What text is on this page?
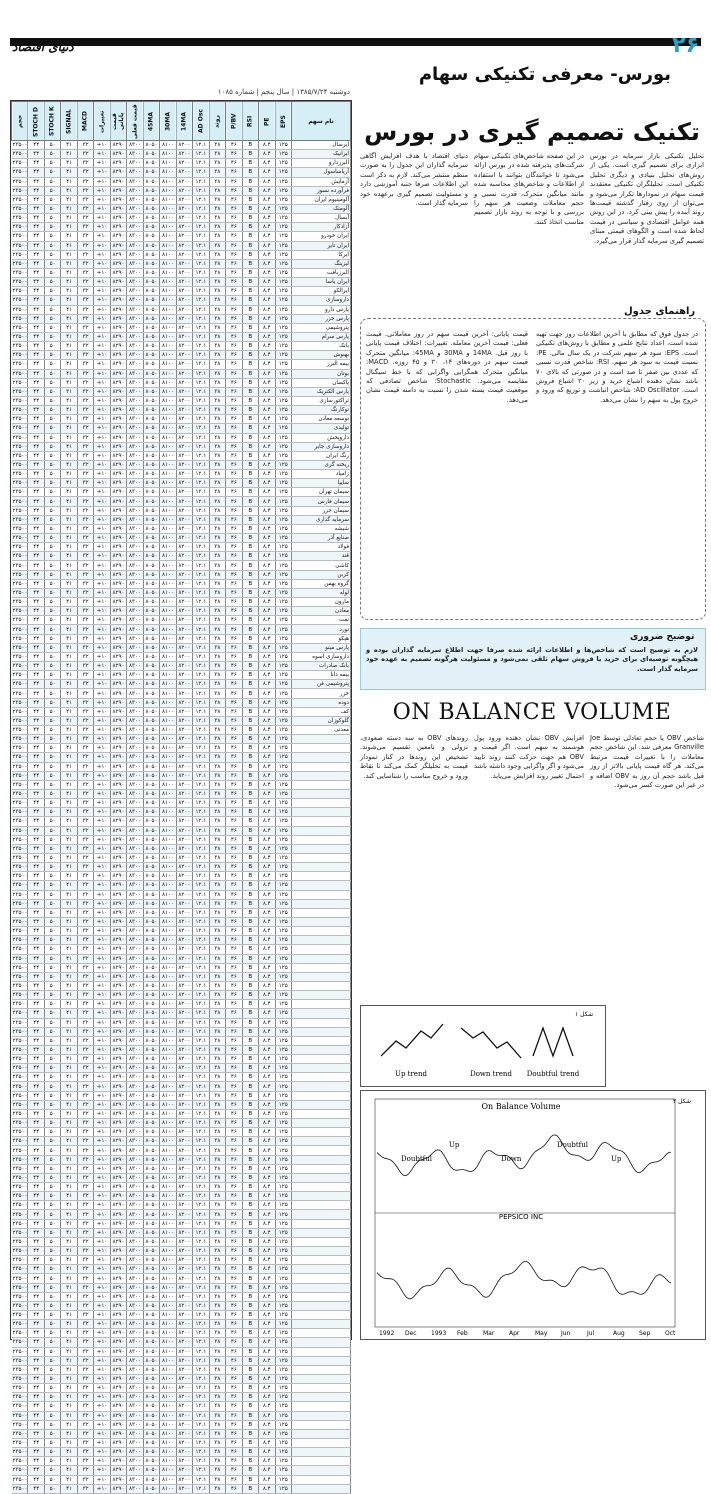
۲۶
دنیای اقتصاد
بورس- معرفی تکنیکی سهام
دوشنبه ۱۳۸۵/۷/۲۴ | سال پنجم | شماره ۱۰۸۵
حجم	STOCH D	STOCH K	SIGNAL	MACD	تغییرات	قیمت پایانی	قیمت فعلی	45MA	30MA	14MA	AD Osc	روند	P/BV	RSI	PE	EPS	نام سهم
۲۳۵۰۰	۴۴	۵۰	۴۱	۳۲	+۱۰	۸۲۹۰	۸۳۰۰	۸۰۵۰	۸۱۰۰	۸۲۰۰	۱۲.۱	۳۸	۴۶	B	۸.۴	۱۲۵	ایرسال
۲۳۵۰۰	۴۴	۵۰	۴۱	۳۲	+۱۰	۸۲۹۰	۸۳۰۰	۸۰۵۰	۸۱۰۰	۸۲۰۰	۱۲.۱	۳۸	۴۶	B	۸.۴	۱۲۵	ایرانیک
۲۳۵۰۰	۴۴	۵۰	۴۱	۳۲	+۱۰	۸۲۹۰	۸۳۰۰	۸۰۵۰	۸۱۰۰	۸۲۰۰	۱۲.۱	۳۸	۴۶	B	۸.۴	۱۲۵	البرزدارو
۲۳۵۰۰	۴۴	۵۰	۴۱	۳۲	+۱۰	۸۲۹۰	۸۳۰۰	۸۰۵۰	۸۱۰۰	۸۲۰۰	۱۲.۱	۳۸	۴۶	B	۸.۴	۱۲۵	آریاساسول
۲۳۵۰۰	۴۴	۵۰	۴۱	۳۲	+۱۰	۸۲۹۰	۸۳۰۰	۸۰۵۰	۸۱۰۰	۸۲۰۰	۱۲.۱	۳۸	۴۶	B	۸.۴	۱۲۵	آزمایش
۲۳۵۰۰	۴۴	۵۰	۴۱	۳۲	+۱۰	۸۲۹۰	۸۳۰۰	۸۰۵۰	۸۱۰۰	۸۲۰۰	۱۲.۱	۳۸	۴۶	B	۸.۴	۱۲۵	فرآورده نسوز
۲۳۵۰۰	۴۴	۵۰	۴۱	۳۲	+۱۰	۸۲۹۰	۸۳۰۰	۸۰۵۰	۸۱۰۰	۸۲۰۰	۱۲.۱	۳۸	۴۶	B	۸.۴	۱۲۵	آلومینیوم ایران
۲۳۵۰۰	۴۴	۵۰	۴۱	۳۲	+۱۰	۸۲۹۰	۸۳۰۰	۸۰۵۰	۸۱۰۰	۸۲۰۰	۱۲.۱	۳۸	۴۶	B	۸.۴	۱۲۵	آلومتک
۲۳۵۰۰	۴۴	۵۰	۴۱	۳۲	+۱۰	۸۲۹۰	۸۳۰۰	۸۰۵۰	۸۱۰۰	۸۲۰۰	۱۲.۱	۳۸	۴۶	B	۸.۴	۱۲۵	آبسال
۲۳۵۰۰	۴۴	۵۰	۴۱	۳۲	+۱۰	۸۲۹۰	۸۳۰۰	۸۰۵۰	۸۱۰۰	۸۲۰۰	۱۲.۱	۳۸	۴۶	B	۸.۴	۱۲۵	آزادکار
۲۳۵۰۰	۴۴	۵۰	۴۱	۳۲	+۱۰	۸۲۹۰	۸۳۰۰	۸۰۵۰	۸۱۰۰	۸۲۰۰	۱۲.۱	۳۸	۴۶	B	۸.۴	۱۲۵	ایران خودرو
۲۳۵۰۰	۴۴	۵۰	۴۱	۳۲	+۱۰	۸۲۹۰	۸۳۰۰	۸۰۵۰	۸۱۰۰	۸۲۰۰	۱۲.۱	۳۸	۴۶	B	۸.۴	۱۲۵	ایران تایر
۲۳۵۰۰	۴۴	۵۰	۴۱	۳۲	+۱۰	۸۲۹۰	۸۳۰۰	۸۰۵۰	۸۱۰۰	۸۲۰۰	۱۲.۱	۳۸	۴۶	B	۸.۴	۱۲۵	ایرکا
۲۳۵۰۰	۴۴	۵۰	۴۱	۳۲	+۱۰	۸۲۹۰	۸۳۰۰	۸۰۵۰	۸۱۰۰	۸۲۰۰	۱۲.۱	۳۸	۴۶	B	۸.۴	۱۲۵	لیزینگ
۲۳۵۰۰	۴۴	۵۰	۴۱	۳۲	+۱۰	۸۲۹۰	۸۳۰۰	۸۰۵۰	۸۱۰۰	۸۲۰۰	۱۲.۱	۳۸	۴۶	B	۸.۴	۱۲۵	البرزبافت
۲۳۵۰۰	۴۴	۵۰	۴۱	۳۲	+۱۰	۸۲۹۰	۸۳۰۰	۸۰۵۰	۸۱۰۰	۸۲۰۰	۱۲.۱	۳۸	۴۶	B	۸.۴	۱۲۵	ایران یاسا
۲۳۵۰۰	۴۴	۵۰	۴۱	۳۲	+۱۰	۸۲۹۰	۸۳۰۰	۸۰۵۰	۸۱۰۰	۸۲۰۰	۱۲.۱	۳۸	۴۶	B	۸.۴	۱۲۵	ایرالکو
۲۳۵۰۰	۴۴	۵۰	۴۱	۳۲	+۱۰	۸۲۹۰	۸۳۰۰	۸۰۵۰	۸۱۰۰	۸۲۰۰	۱۲.۱	۳۸	۴۶	B	۸.۴	۱۲۵	داروسازی
۲۳۵۰۰	۴۴	۵۰	۴۱	۳۲	+۱۰	۸۲۹۰	۸۳۰۰	۸۰۵۰	۸۱۰۰	۸۲۰۰	۱۲.۱	۳۸	۴۶	B	۸.۴	۱۲۵	پارس دارو
۲۳۵۰۰	۴۴	۵۰	۴۱	۳۲	+۱۰	۸۲۹۰	۸۳۰۰	۸۰۵۰	۸۱۰۰	۸۲۰۰	۱۲.۱	۳۸	۴۶	B	۸.۴	۱۲۵	پارس خزر
۲۳۵۰۰	۴۴	۵۰	۴۱	۳۲	+۱۰	۸۲۹۰	۸۳۰۰	۸۰۵۰	۸۱۰۰	۸۲۰۰	۱۲.۱	۳۸	۴۶	B	۸.۴	۱۲۵	پتروشیمی
۲۳۵۰۰	۴۴	۵۰	۴۱	۳۲	+۱۰	۸۲۹۰	۸۳۰۰	۸۰۵۰	۸۱۰۰	۸۲۰۰	۱۲.۱	۳۸	۴۶	B	۸.۴	۱۲۵	پارس سرام
۲۳۵۰۰	۴۴	۵۰	۴۱	۳۲	+۱۰	۸۲۹۰	۸۳۰۰	۸۰۵۰	۸۱۰۰	۸۲۰۰	۱۲.۱	۳۸	۴۶	B	۸.۴	۱۲۵	بانک
۲۳۵۰۰	۴۴	۵۰	۴۱	۳۲	+۱۰	۸۲۹۰	۸۳۰۰	۸۰۵۰	۸۱۰۰	۸۲۰۰	۱۲.۱	۳۸	۴۶	B	۸.۴	۱۲۵	بهنوش
۲۳۵۰۰	۴۴	۵۰	۴۱	۳۲	+۱۰	۸۲۹۰	۸۳۰۰	۸۰۵۰	۸۱۰۰	۸۲۰۰	۱۲.۱	۳۸	۴۶	B	۸.۴	۱۲۵	بیمه البرز
۲۳۵۰۰	۴۴	۵۰	۴۱	۳۲	+۱۰	۸۲۹۰	۸۳۰۰	۸۰۵۰	۸۱۰۰	۸۲۰۰	۱۲.۱	۳۸	۴۶	B	۸.۴	۱۲۵	بوتان
۲۳۵۰۰	۴۴	۵۰	۴۱	۳۲	+۱۰	۸۲۹۰	۸۳۰۰	۸۰۵۰	۸۱۰۰	۸۲۰۰	۱۲.۱	۳۸	۴۶	B	۸.۴	۱۲۵	پاکسان
۲۳۵۰۰	۴۴	۵۰	۴۱	۳۲	+۱۰	۸۲۹۰	۸۳۰۰	۸۰۵۰	۸۱۰۰	۸۲۰۰	۱۲.۱	۳۸	۴۶	B	۸.۴	۱۲۵	پارس الکتریک
۲۳۵۰۰	۴۴	۵۰	۴۱	۳۲	+۱۰	۸۲۹۰	۸۳۰۰	۸۰۵۰	۸۱۰۰	۸۲۰۰	۱۲.۱	۳۸	۴۶	B	۸.۴	۱۲۵	تراکتورسازی
۲۳۵۰۰	۴۴	۵۰	۴۱	۳۲	+۱۰	۸۲۹۰	۸۳۰۰	۸۰۵۰	۸۱۰۰	۸۲۰۰	۱۲.۱	۳۸	۴۶	B	۸.۴	۱۲۵	توکارنگ
۲۳۵۰۰	۴۴	۵۰	۴۱	۳۲	+۱۰	۸۲۹۰	۸۳۰۰	۸۰۵۰	۸۱۰۰	۸۲۰۰	۱۲.۱	۳۸	۴۶	B	۸.۴	۱۲۵	توسعه معادن
۲۳۵۰۰	۴۴	۵۰	۴۱	۳۲	+۱۰	۸۲۹۰	۸۳۰۰	۸۰۵۰	۸۱۰۰	۸۲۰۰	۱۲.۱	۳۸	۴۶	B	۸.۴	۱۲۵	تولیدی
۲۳۵۰۰	۴۴	۵۰	۴۱	۳۲	+۱۰	۸۲۹۰	۸۳۰۰	۸۰۵۰	۸۱۰۰	۸۲۰۰	۱۲.۱	۳۸	۴۶	B	۸.۴	۱۲۵	داروپخش
۲۳۵۰۰	۴۴	۵۰	۴۱	۳۲	+۱۰	۸۲۹۰	۸۳۰۰	۸۰۵۰	۸۱۰۰	۸۲۰۰	۱۲.۱	۳۸	۴۶	B	۸.۴	۱۲۵	داروسازی جابر
۲۳۵۰۰	۴۴	۵۰	۴۱	۳۲	+۱۰	۸۲۹۰	۸۳۰۰	۸۰۵۰	۸۱۰۰	۸۲۰۰	۱۲.۱	۳۸	۴۶	B	۸.۴	۱۲۵	رنگ ایران
۲۳۵۰۰	۴۴	۵۰	۴۱	۳۲	+۱۰	۸۲۹۰	۸۳۰۰	۸۰۵۰	۸۱۰۰	۸۲۰۰	۱۲.۱	۳۸	۴۶	B	۸.۴	۱۲۵	ریخته گری
۲۳۵۰۰	۴۴	۵۰	۴۱	۳۲	+۱۰	۸۲۹۰	۸۳۰۰	۸۰۵۰	۸۱۰۰	۸۲۰۰	۱۲.۱	۳۸	۴۶	B	۸.۴	۱۲۵	زامیاد
۲۳۵۰۰	۴۴	۵۰	۴۱	۳۲	+۱۰	۸۲۹۰	۸۳۰۰	۸۰۵۰	۸۱۰۰	۸۲۰۰	۱۲.۱	۳۸	۴۶	B	۸.۴	۱۲۵	سایپا
۲۳۵۰۰	۴۴	۵۰	۴۱	۳۲	+۱۰	۸۲۹۰	۸۳۰۰	۸۰۵۰	۸۱۰۰	۸۲۰۰	۱۲.۱	۳۸	۴۶	B	۸.۴	۱۲۵	سیمان تهران
۲۳۵۰۰	۴۴	۵۰	۴۱	۳۲	+۱۰	۸۲۹۰	۸۳۰۰	۸۰۵۰	۸۱۰۰	۸۲۰۰	۱۲.۱	۳۸	۴۶	B	۸.۴	۱۲۵	سیمان فارس
۲۳۵۰۰	۴۴	۵۰	۴۱	۳۲	+۱۰	۸۲۹۰	۸۳۰۰	۸۰۵۰	۸۱۰۰	۸۲۰۰	۱۲.۱	۳۸	۴۶	B	۸.۴	۱۲۵	سیمان خزر
۲۳۵۰۰	۴۴	۵۰	۴۱	۳۲	+۱۰	۸۲۹۰	۸۳۰۰	۸۰۵۰	۸۱۰۰	۸۲۰۰	۱۲.۱	۳۸	۴۶	B	۸.۴	۱۲۵	سرمایه گذاری
۲۳۵۰۰	۴۴	۵۰	۴۱	۳۲	+۱۰	۸۲۹۰	۸۳۰۰	۸۰۵۰	۸۱۰۰	۸۲۰۰	۱۲.۱	۳۸	۴۶	B	۸.۴	۱۲۵	شیشه
۲۳۵۰۰	۴۴	۵۰	۴۱	۳۲	+۱۰	۸۲۹۰	۸۳۰۰	۸۰۵۰	۸۱۰۰	۸۲۰۰	۱۲.۱	۳۸	۴۶	B	۸.۴	۱۲۵	صنایع آذر
۲۳۵۰۰	۴۴	۵۰	۴۱	۳۲	+۱۰	۸۲۹۰	۸۳۰۰	۸۰۵۰	۸۱۰۰	۸۲۰۰	۱۲.۱	۳۸	۴۶	B	۸.۴	۱۲۵	فولاد
۲۳۵۰۰	۴۴	۵۰	۴۱	۳۲	+۱۰	۸۲۹۰	۸۳۰۰	۸۰۵۰	۸۱۰۰	۸۲۰۰	۱۲.۱	۳۸	۴۶	B	۸.۴	۱۲۵	قند
۲۳۵۰۰	۴۴	۵۰	۴۱	۳۲	+۱۰	۸۲۹۰	۸۳۰۰	۸۰۵۰	۸۱۰۰	۸۲۰۰	۱۲.۱	۳۸	۴۶	B	۸.۴	۱۲۵	کاشی
۲۳۵۰۰	۴۴	۵۰	۴۱	۳۲	+۱۰	۸۲۹۰	۸۳۰۰	۸۰۵۰	۸۱۰۰	۸۲۰۰	۱۲.۱	۳۸	۴۶	B	۸.۴	۱۲۵	کربن
۲۳۵۰۰	۴۴	۵۰	۴۱	۳۲	+۱۰	۸۲۹۰	۸۳۰۰	۸۰۵۰	۸۱۰۰	۸۲۰۰	۱۲.۱	۳۸	۴۶	B	۸.۴	۱۲۵	گروه بهمن
۲۳۵۰۰	۴۴	۵۰	۴۱	۳۲	+۱۰	۸۲۹۰	۸۳۰۰	۸۰۵۰	۸۱۰۰	۸۲۰۰	۱۲.۱	۳۸	۴۶	B	۸.۴	۱۲۵	لوله
۲۳۵۰۰	۴۴	۵۰	۴۱	۳۲	+۱۰	۸۲۹۰	۸۳۰۰	۸۰۵۰	۸۱۰۰	۸۲۰۰	۱۲.۱	۳۸	۴۶	B	۸.۴	۱۲۵	مارون
۲۳۵۰۰	۴۴	۵۰	۴۱	۳۲	+۱۰	۸۲۹۰	۸۳۰۰	۸۰۵۰	۸۱۰۰	۸۲۰۰	۱۲.۱	۳۸	۴۶	B	۸.۴	۱۲۵	معادن
۲۳۵۰۰	۴۴	۵۰	۴۱	۳۲	+۱۰	۸۲۹۰	۸۳۰۰	۸۰۵۰	۸۱۰۰	۸۲۰۰	۱۲.۱	۳۸	۴۶	B	۸.۴	۱۲۵	نفت
۲۳۵۰۰	۴۴	۵۰	۴۱	۳۲	+۱۰	۸۲۹۰	۸۳۰۰	۸۰۵۰	۸۱۰۰	۸۲۰۰	۱۲.۱	۳۸	۴۶	B	۸.۴	۱۲۵	نورد
۲۳۵۰۰	۴۴	۵۰	۴۱	۳۲	+۱۰	۸۲۹۰	۸۳۰۰	۸۰۵۰	۸۱۰۰	۸۲۰۰	۱۲.۱	۳۸	۴۶	B	۸.۴	۱۲۵	هپکو
۲۳۵۰۰	۴۴	۵۰	۴۱	۳۲	+۱۰	۸۲۹۰	۸۳۰۰	۸۰۵۰	۸۱۰۰	۸۲۰۰	۱۲.۱	۳۸	۴۶	B	۸.۴	۱۲۵	پارس مینو
۲۳۵۰۰	۴۴	۵۰	۴۱	۳۲	+۱۰	۸۲۹۰	۸۳۰۰	۸۰۵۰	۸۱۰۰	۸۲۰۰	۱۲.۱	۳۸	۴۶	B	۸.۴	۱۲۵	داروسازی اسوه
۲۳۵۰۰	۴۴	۵۰	۴۱	۳۲	+۱۰	۸۲۹۰	۸۳۰۰	۸۰۵۰	۸۱۰۰	۸۲۰۰	۱۲.۱	۳۸	۴۶	B	۸.۴	۱۲۵	بانک صادرات
۲۳۵۰۰	۴۴	۵۰	۴۱	۳۲	+۱۰	۸۲۹۰	۸۳۰۰	۸۰۵۰	۸۱۰۰	۸۲۰۰	۱۲.۱	۳۸	۴۶	B	۸.۴	۱۲۵	بیمه دانا
۲۳۵۰۰	۴۴	۵۰	۴۱	۳۲	+۱۰	۸۲۹۰	۸۳۰۰	۸۰۵۰	۸۱۰۰	۸۲۰۰	۱۲.۱	۳۸	۴۶	B	۸.۴	۱۲۵	پتروشیمی فن
۲۳۵۰۰	۴۴	۵۰	۴۱	۳۲	+۱۰	۸۲۹۰	۸۳۰۰	۸۰۵۰	۸۱۰۰	۸۲۰۰	۱۲.۱	۳۸	۴۶	B	۸.۴	۱۲۵	خزر
۲۳۵۰۰	۴۴	۵۰	۴۱	۳۲	+۱۰	۸۲۹۰	۸۳۰۰	۸۰۵۰	۸۱۰۰	۸۲۰۰	۱۲.۱	۳۸	۴۶	B	۸.۴	۱۲۵	دوده
۲۳۵۰۰	۴۴	۵۰	۴۱	۳۲	+۱۰	۸۲۹۰	۸۳۰۰	۸۰۵۰	۸۱۰۰	۸۲۰۰	۱۲.۱	۳۸	۴۶	B	۸.۴	۱۲۵	کف
۲۳۵۰۰	۴۴	۵۰	۴۱	۳۲	+۱۰	۸۲۹۰	۸۳۰۰	۸۰۵۰	۸۱۰۰	۸۲۰۰	۱۲.۱	۳۸	۴۶	B	۸.۴	۱۲۵	گلوکوزان
۲۳۵۰۰	۴۴	۵۰	۴۱	۳۲	+۱۰	۸۲۹۰	۸۳۰۰	۸۰۵۰	۸۱۰۰	۸۲۰۰	۱۲.۱	۳۸	۴۶	B	۸.۴	۱۲۵	معدنی
۲۳۵۰۰	۴۴	۵۰	۴۱	۳۲	+۱۰	۸۲۹۰	۸۳۰۰	۸۰۵۰	۸۱۰۰	۸۲۰۰	۱۲.۱	۳۸	۴۶	B	۸.۴	۱۲۵	
۲۳۵۰۰	۴۴	۵۰	۴۱	۳۲	+۱۰	۸۲۹۰	۸۳۰۰	۸۰۵۰	۸۱۰۰	۸۲۰۰	۱۲.۱	۳۸	۴۶	B	۸.۴	۱۲۵	
۲۳۵۰۰	۴۴	۵۰	۴۱	۳۲	+۱۰	۸۲۹۰	۸۳۰۰	۸۰۵۰	۸۱۰۰	۸۲۰۰	۱۲.۱	۳۸	۴۶	B	۸.۴	۱۲۵	
۲۳۵۰۰	۴۴	۵۰	۴۱	۳۲	+۱۰	۸۲۹۰	۸۳۰۰	۸۰۵۰	۸۱۰۰	۸۲۰۰	۱۲.۱	۳۸	۴۶	B	۸.۴	۱۲۵	
۲۳۵۰۰	۴۴	۵۰	۴۱	۳۲	+۱۰	۸۲۹۰	۸۳۰۰	۸۰۵۰	۸۱۰۰	۸۲۰۰	۱۲.۱	۳۸	۴۶	B	۸.۴	۱۲۵	
۲۳۵۰۰	۴۴	۵۰	۴۱	۳۲	+۱۰	۸۲۹۰	۸۳۰۰	۸۰۵۰	۸۱۰۰	۸۲۰۰	۱۲.۱	۳۸	۴۶	B	۸.۴	۱۲۵	
۲۳۵۰۰	۴۴	۵۰	۴۱	۳۲	+۱۰	۸۲۹۰	۸۳۰۰	۸۰۵۰	۸۱۰۰	۸۲۰۰	۱۲.۱	۳۸	۴۶	B	۸.۴	۱۲۵	
۲۳۵۰۰	۴۴	۵۰	۴۱	۳۲	+۱۰	۸۲۹۰	۸۳۰۰	۸۰۵۰	۸۱۰۰	۸۲۰۰	۱۲.۱	۳۸	۴۶	B	۸.۴	۱۲۵	
۲۳۵۰۰	۴۴	۵۰	۴۱	۳۲	+۱۰	۸۲۹۰	۸۳۰۰	۸۰۵۰	۸۱۰۰	۸۲۰۰	۱۲.۱	۳۸	۴۶	B	۸.۴	۱۲۵	
۲۳۵۰۰	۴۴	۵۰	۴۱	۳۲	+۱۰	۸۲۹۰	۸۳۰۰	۸۰۵۰	۸۱۰۰	۸۲۰۰	۱۲.۱	۳۸	۴۶	B	۸.۴	۱۲۵	
۲۳۵۰۰	۴۴	۵۰	۴۱	۳۲	+۱۰	۸۲۹۰	۸۳۰۰	۸۰۵۰	۸۱۰۰	۸۲۰۰	۱۲.۱	۳۸	۴۶	B	۸.۴	۱۲۵	
۲۳۵۰۰	۴۴	۵۰	۴۱	۳۲	+۱۰	۸۲۹۰	۸۳۰۰	۸۰۵۰	۸۱۰۰	۸۲۰۰	۱۲.۱	۳۸	۴۶	B	۸.۴	۱۲۵	
۲۳۵۰۰	۴۴	۵۰	۴۱	۳۲	+۱۰	۸۲۹۰	۸۳۰۰	۸۰۵۰	۸۱۰۰	۸۲۰۰	۱۲.۱	۳۸	۴۶	B	۸.۴	۱۲۵	
۲۳۵۰۰	۴۴	۵۰	۴۱	۳۲	+۱۰	۸۲۹۰	۸۳۰۰	۸۰۵۰	۸۱۰۰	۸۲۰۰	۱۲.۱	۳۸	۴۶	B	۸.۴	۱۲۵	
۲۳۵۰۰	۴۴	۵۰	۴۱	۳۲	+۱۰	۸۲۹۰	۸۳۰۰	۸۰۵۰	۸۱۰۰	۸۲۰۰	۱۲.۱	۳۸	۴۶	B	۸.۴	۱۲۵	
۲۳۵۰۰	۴۴	۵۰	۴۱	۳۲	+۱۰	۸۲۹۰	۸۳۰۰	۸۰۵۰	۸۱۰۰	۸۲۰۰	۱۲.۱	۳۸	۴۶	B	۸.۴	۱۲۵	
۲۳۵۰۰	۴۴	۵۰	۴۱	۳۲	+۱۰	۸۲۹۰	۸۳۰۰	۸۰۵۰	۸۱۰۰	۸۲۰۰	۱۲.۱	۳۸	۴۶	B	۸.۴	۱۲۵	
۲۳۵۰۰	۴۴	۵۰	۴۱	۳۲	+۱۰	۸۲۹۰	۸۳۰۰	۸۰۵۰	۸۱۰۰	۸۲۰۰	۱۲.۱	۳۸	۴۶	B	۸.۴	۱۲۵	
۲۳۵۰۰	۴۴	۵۰	۴۱	۳۲	+۱۰	۸۲۹۰	۸۳۰۰	۸۰۵۰	۸۱۰۰	۸۲۰۰	۱۲.۱	۳۸	۴۶	B	۸.۴	۱۲۵	
۲۳۵۰۰	۴۴	۵۰	۴۱	۳۲	+۱۰	۸۲۹۰	۸۳۰۰	۸۰۵۰	۸۱۰۰	۸۲۰۰	۱۲.۱	۳۸	۴۶	B	۸.۴	۱۲۵	
۲۳۵۰۰	۴۴	۵۰	۴۱	۳۲	+۱۰	۸۲۹۰	۸۳۰۰	۸۰۵۰	۸۱۰۰	۸۲۰۰	۱۲.۱	۳۸	۴۶	B	۸.۴	۱۲۵	
۲۳۵۰۰	۴۴	۵۰	۴۱	۳۲	+۱۰	۸۲۹۰	۸۳۰۰	۸۰۵۰	۸۱۰۰	۸۲۰۰	۱۲.۱	۳۸	۴۶	B	۸.۴	۱۲۵	
۲۳۵۰۰	۴۴	۵۰	۴۱	۳۲	+۱۰	۸۲۹۰	۸۳۰۰	۸۰۵۰	۸۱۰۰	۸۲۰۰	۱۲.۱	۳۸	۴۶	B	۸.۴	۱۲۵	
۲۳۵۰۰	۴۴	۵۰	۴۱	۳۲	+۱۰	۸۲۹۰	۸۳۰۰	۸۰۵۰	۸۱۰۰	۸۲۰۰	۱۲.۱	۳۸	۴۶	B	۸.۴	۱۲۵	
۲۳۵۰۰	۴۴	۵۰	۴۱	۳۲	+۱۰	۸۲۹۰	۸۳۰۰	۸۰۵۰	۸۱۰۰	۸۲۰۰	۱۲.۱	۳۸	۴۶	B	۸.۴	۱۲۵	
۲۳۵۰۰	۴۴	۵۰	۴۱	۳۲	+۱۰	۸۲۹۰	۸۳۰۰	۸۰۵۰	۸۱۰۰	۸۲۰۰	۱۲.۱	۳۸	۴۶	B	۸.۴	۱۲۵	
۲۳۵۰۰	۴۴	۵۰	۴۱	۳۲	+۱۰	۸۲۹۰	۸۳۰۰	۸۰۵۰	۸۱۰۰	۸۲۰۰	۱۲.۱	۳۸	۴۶	B	۸.۴	۱۲۵	
۲۳۵۰۰	۴۴	۵۰	۴۱	۳۲	+۱۰	۸۲۹۰	۸۳۰۰	۸۰۵۰	۸۱۰۰	۸۲۰۰	۱۲.۱	۳۸	۴۶	B	۸.۴	۱۲۵	
۲۳۵۰۰	۴۴	۵۰	۴۱	۳۲	+۱۰	۸۲۹۰	۸۳۰۰	۸۰۵۰	۸۱۰۰	۸۲۰۰	۱۲.۱	۳۸	۴۶	B	۸.۴	۱۲۵	
۲۳۵۰۰	۴۴	۵۰	۴۱	۳۲	+۱۰	۸۲۹۰	۸۳۰۰	۸۰۵۰	۸۱۰۰	۸۲۰۰	۱۲.۱	۳۸	۴۶	B	۸.۴	۱۲۵	
۲۳۵۰۰	۴۴	۵۰	۴۱	۳۲	+۱۰	۸۲۹۰	۸۳۰۰	۸۰۵۰	۸۱۰۰	۸۲۰۰	۱۲.۱	۳۸	۴۶	B	۸.۴	۱۲۵	
۲۳۵۰۰	۴۴	۵۰	۴۱	۳۲	+۱۰	۸۲۹۰	۸۳۰۰	۸۰۵۰	۸۱۰۰	۸۲۰۰	۱۲.۱	۳۸	۴۶	B	۸.۴	۱۲۵	
۲۳۵۰۰	۴۴	۵۰	۴۱	۳۲	+۱۰	۸۲۹۰	۸۳۰۰	۸۰۵۰	۸۱۰۰	۸۲۰۰	۱۲.۱	۳۸	۴۶	B	۸.۴	۱۲۵	
۲۳۵۰۰	۴۴	۵۰	۴۱	۳۲	+۱۰	۸۲۹۰	۸۳۰۰	۸۰۵۰	۸۱۰۰	۸۲۰۰	۱۲.۱	۳۸	۴۶	B	۸.۴	۱۲۵	
۲۳۵۰۰	۴۴	۵۰	۴۱	۳۲	+۱۰	۸۲۹۰	۸۳۰۰	۸۰۵۰	۸۱۰۰	۸۲۰۰	۱۲.۱	۳۸	۴۶	B	۸.۴	۱۲۵	
۲۳۵۰۰	۴۴	۵۰	۴۱	۳۲	+۱۰	۸۲۹۰	۸۳۰۰	۸۰۵۰	۸۱۰۰	۸۲۰۰	۱۲.۱	۳۸	۴۶	B	۸.۴	۱۲۵	
۲۳۵۰۰	۴۴	۵۰	۴۱	۳۲	+۱۰	۸۲۹۰	۸۳۰۰	۸۰۵۰	۸۱۰۰	۸۲۰۰	۱۲.۱	۳۸	۴۶	B	۸.۴	۱۲۵	
۲۳۵۰۰	۴۴	۵۰	۴۱	۳۲	+۱۰	۸۲۹۰	۸۳۰۰	۸۰۵۰	۸۱۰۰	۸۲۰۰	۱۲.۱	۳۸	۴۶	B	۸.۴	۱۲۵	
۲۳۵۰۰	۴۴	۵۰	۴۱	۳۲	+۱۰	۸۲۹۰	۸۳۰۰	۸۰۵۰	۸۱۰۰	۸۲۰۰	۱۲.۱	۳۸	۴۶	B	۸.۴	۱۲۵	
۲۳۵۰۰	۴۴	۵۰	۴۱	۳۲	+۱۰	۸۲۹۰	۸۳۰۰	۸۰۵۰	۸۱۰۰	۸۲۰۰	۱۲.۱	۳۸	۴۶	B	۸.۴	۱۲۵	
۲۳۵۰۰	۴۴	۵۰	۴۱	۳۲	+۱۰	۸۲۹۰	۸۳۰۰	۸۰۵۰	۸۱۰۰	۸۲۰۰	۱۲.۱	۳۸	۴۶	B	۸.۴	۱۲۵	
۲۳۵۰۰	۴۴	۵۰	۴۱	۳۲	+۱۰	۸۲۹۰	۸۳۰۰	۸۰۵۰	۸۱۰۰	۸۲۰۰	۱۲.۱	۳۸	۴۶	B	۸.۴	۱۲۵	
۲۳۵۰۰	۴۴	۵۰	۴۱	۳۲	+۱۰	۸۲۹۰	۸۳۰۰	۸۰۵۰	۸۱۰۰	۸۲۰۰	۱۲.۱	۳۸	۴۶	B	۸.۴	۱۲۵	
۲۳۵۰۰	۴۴	۵۰	۴۱	۳۲	+۱۰	۸۲۹۰	۸۳۰۰	۸۰۵۰	۸۱۰۰	۸۲۰۰	۱۲.۱	۳۸	۴۶	B	۸.۴	۱۲۵	
۲۳۵۰۰	۴۴	۵۰	۴۱	۳۲	+۱۰	۸۲۹۰	۸۳۰۰	۸۰۵۰	۸۱۰۰	۸۲۰۰	۱۲.۱	۳۸	۴۶	B	۸.۴	۱۲۵	
۲۳۵۰۰	۴۴	۵۰	۴۱	۳۲	+۱۰	۸۲۹۰	۸۳۰۰	۸۰۵۰	۸۱۰۰	۸۲۰۰	۱۲.۱	۳۸	۴۶	B	۸.۴	۱۲۵	
۲۳۵۰۰	۴۴	۵۰	۴۱	۳۲	+۱۰	۸۲۹۰	۸۳۰۰	۸۰۵۰	۸۱۰۰	۸۲۰۰	۱۲.۱	۳۸	۴۶	B	۸.۴	۱۲۵	
۲۳۵۰۰	۴۴	۵۰	۴۱	۳۲	+۱۰	۸۲۹۰	۸۳۰۰	۸۰۵۰	۸۱۰۰	۸۲۰۰	۱۲.۱	۳۸	۴۶	B	۸.۴	۱۲۵	
۲۳۵۰۰	۴۴	۵۰	۴۱	۳۲	+۱۰	۸۲۹۰	۸۳۰۰	۸۰۵۰	۸۱۰۰	۸۲۰۰	۱۲.۱	۳۸	۴۶	B	۸.۴	۱۲۵	
۲۳۵۰۰	۴۴	۵۰	۴۱	۳۲	+۱۰	۸۲۹۰	۸۳۰۰	۸۰۵۰	۸۱۰۰	۸۲۰۰	۱۲.۱	۳۸	۴۶	B	۸.۴	۱۲۵	
۲۳۵۰۰	۴۴	۵۰	۴۱	۳۲	+۱۰	۸۲۹۰	۸۳۰۰	۸۰۵۰	۸۱۰۰	۸۲۰۰	۱۲.۱	۳۸	۴۶	B	۸.۴	۱۲۵	
۲۳۵۰۰	۴۴	۵۰	۴۱	۳۲	+۱۰	۸۲۹۰	۸۳۰۰	۸۰۵۰	۸۱۰۰	۸۲۰۰	۱۲.۱	۳۸	۴۶	B	۸.۴	۱۲۵	
۲۳۵۰۰	۴۴	۵۰	۴۱	۳۲	+۱۰	۸۲۹۰	۸۳۰۰	۸۰۵۰	۸۱۰۰	۸۲۰۰	۱۲.۱	۳۸	۴۶	B	۸.۴	۱۲۵	
۲۳۵۰۰	۴۴	۵۰	۴۱	۳۲	+۱۰	۸۲۹۰	۸۳۰۰	۸۰۵۰	۸۱۰۰	۸۲۰۰	۱۲.۱	۳۸	۴۶	B	۸.۴	۱۲۵	
۲۳۵۰۰	۴۴	۵۰	۴۱	۳۲	+۱۰	۸۲۹۰	۸۳۰۰	۸۰۵۰	۸۱۰۰	۸۲۰۰	۱۲.۱	۳۸	۴۶	B	۸.۴	۱۲۵	
۲۳۵۰۰	۴۴	۵۰	۴۱	۳۲	+۱۰	۸۲۹۰	۸۳۰۰	۸۰۵۰	۸۱۰۰	۸۲۰۰	۱۲.۱	۳۸	۴۶	B	۸.۴	۱۲۵	
۲۳۵۰۰	۴۴	۵۰	۴۱	۳۲	+۱۰	۸۲۹۰	۸۳۰۰	۸۰۵۰	۸۱۰۰	۸۲۰۰	۱۲.۱	۳۸	۴۶	B	۸.۴	۱۲۵	
۲۳۵۰۰	۴۴	۵۰	۴۱	۳۲	+۱۰	۸۲۹۰	۸۳۰۰	۸۰۵۰	۸۱۰۰	۸۲۰۰	۱۲.۱	۳۸	۴۶	B	۸.۴	۱۲۵	
۲۳۵۰۰	۴۴	۵۰	۴۱	۳۲	+۱۰	۸۲۹۰	۸۳۰۰	۸۰۵۰	۸۱۰۰	۸۲۰۰	۱۲.۱	۳۸	۴۶	B	۸.۴	۱۲۵	
۲۳۵۰۰	۴۴	۵۰	۴۱	۳۲	+۱۰	۸۲۹۰	۸۳۰۰	۸۰۵۰	۸۱۰۰	۸۲۰۰	۱۲.۱	۳۸	۴۶	B	۸.۴	۱۲۵	
۲۳۵۰۰	۴۴	۵۰	۴۱	۳۲	+۱۰	۸۲۹۰	۸۳۰۰	۸۰۵۰	۸۱۰۰	۸۲۰۰	۱۲.۱	۳۸	۴۶	B	۸.۴	۱۲۵	
۲۳۵۰۰	۴۴	۵۰	۴۱	۳۲	+۱۰	۸۲۹۰	۸۳۰۰	۸۰۵۰	۸۱۰۰	۸۲۰۰	۱۲.۱	۳۸	۴۶	B	۸.۴	۱۲۵	
۲۳۵۰۰	۴۴	۵۰	۴۱	۳۲	+۱۰	۸۲۹۰	۸۳۰۰	۸۰۵۰	۸۱۰۰	۸۲۰۰	۱۲.۱	۳۸	۴۶	B	۸.۴	۱۲۵	
۲۳۵۰۰	۴۴	۵۰	۴۱	۳۲	+۱۰	۸۲۹۰	۸۳۰۰	۸۰۵۰	۸۱۰۰	۸۲۰۰	۱۲.۱	۳۸	۴۶	B	۸.۴	۱۲۵	
۲۳۵۰۰	۴۴	۵۰	۴۱	۳۲	+۱۰	۸۲۹۰	۸۳۰۰	۸۰۵۰	۸۱۰۰	۸۲۰۰	۱۲.۱	۳۸	۴۶	B	۸.۴	۱۲۵	
۲۳۵۰۰	۴۴	۵۰	۴۱	۳۲	+۱۰	۸۲۹۰	۸۳۰۰	۸۰۵۰	۸۱۰۰	۸۲۰۰	۱۲.۱	۳۸	۴۶	B	۸.۴	۱۲۵	
۲۳۵۰۰	۴۴	۵۰	۴۱	۳۲	+۱۰	۸۲۹۰	۸۳۰۰	۸۰۵۰	۸۱۰۰	۸۲۰۰	۱۲.۱	۳۸	۴۶	B	۸.۴	۱۲۵	
۲۳۵۰۰	۴۴	۵۰	۴۱	۳۲	+۱۰	۸۲۹۰	۸۳۰۰	۸۰۵۰	۸۱۰۰	۸۲۰۰	۱۲.۱	۳۸	۴۶	B	۸.۴	۱۲۵	
۲۳۵۰۰	۴۴	۵۰	۴۱	۳۲	+۱۰	۸۲۹۰	۸۳۰۰	۸۰۵۰	۸۱۰۰	۸۲۰۰	۱۲.۱	۳۸	۴۶	B	۸.۴	۱۲۵	
۲۳۵۰۰	۴۴	۵۰	۴۱	۳۲	+۱۰	۸۲۹۰	۸۳۰۰	۸۰۵۰	۸۱۰۰	۸۲۰۰	۱۲.۱	۳۸	۴۶	B	۸.۴	۱۲۵	
۲۳۵۰۰	۴۴	۵۰	۴۱	۳۲	+۱۰	۸۲۹۰	۸۳۰۰	۸۰۵۰	۸۱۰۰	۸۲۰۰	۱۲.۱	۳۸	۴۶	B	۸.۴	۱۲۵	
۲۳۵۰۰	۴۴	۵۰	۴۱	۳۲	+۱۰	۸۲۹۰	۸۳۰۰	۸۰۵۰	۸۱۰۰	۸۲۰۰	۱۲.۱	۳۸	۴۶	B	۸.۴	۱۲۵	
۲۳۵۰۰	۴۴	۵۰	۴۱	۳۲	+۱۰	۸۲۹۰	۸۳۰۰	۸۰۵۰	۸۱۰۰	۸۲۰۰	۱۲.۱	۳۸	۴۶	B	۸.۴	۱۲۵	
۲۳۵۰۰	۴۴	۵۰	۴۱	۳۲	+۱۰	۸۲۹۰	۸۳۰۰	۸۰۵۰	۸۱۰۰	۸۲۰۰	۱۲.۱	۳۸	۴۶	B	۸.۴	۱۲۵	
۲۳۵۰۰	۴۴	۵۰	۴۱	۳۲	+۱۰	۸۲۹۰	۸۳۰۰	۸۰۵۰	۸۱۰۰	۸۲۰۰	۱۲.۱	۳۸	۴۶	B	۸.۴	۱۲۵	
۲۳۵۰۰	۴۴	۵۰	۴۱	۳۲	+۱۰	۸۲۹۰	۸۳۰۰	۸۰۵۰	۸۱۰۰	۸۲۰۰	۱۲.۱	۳۸	۴۶	B	۸.۴	۱۲۵	
۲۳۵۰۰	۴۴	۵۰	۴۱	۳۲	+۱۰	۸۲۹۰	۸۳۰۰	۸۰۵۰	۸۱۰۰	۸۲۰۰	۱۲.۱	۳۸	۴۶	B	۸.۴	۱۲۵	
۲۳۵۰۰	۴۴	۵۰	۴۱	۳۲	+۱۰	۸۲۹۰	۸۳۰۰	۸۰۵۰	۸۱۰۰	۸۲۰۰	۱۲.۱	۳۸	۴۶	B	۸.۴	۱۲۵	
۲۳۵۰۰	۴۴	۵۰	۴۱	۳۲	+۱۰	۸۲۹۰	۸۳۰۰	۸۰۵۰	۸۱۰۰	۸۲۰۰	۱۲.۱	۳۸	۴۶	B	۸.۴	۱۲۵	
۲۳۵۰۰	۴۴	۵۰	۴۱	۳۲	+۱۰	۸۲۹۰	۸۳۰۰	۸۰۵۰	۸۱۰۰	۸۲۰۰	۱۲.۱	۳۸	۴۶	B	۸.۴	۱۲۵	
۲۳۵۰۰	۴۴	۵۰	۴۱	۳۲	+۱۰	۸۲۹۰	۸۳۰۰	۸۰۵۰	۸۱۰۰	۸۲۰۰	۱۲.۱	۳۸	۴۶	B	۸.۴	۱۲۵	
۲۳۵۰۰	۴۴	۵۰	۴۱	۳۲	+۱۰	۸۲۹۰	۸۳۰۰	۸۰۵۰	۸۱۰۰	۸۲۰۰	۱۲.۱	۳۸	۴۶	B	۸.۴	۱۲۵	
۲۳۵۰۰	۴۴	۵۰	۴۱	۳۲	+۱۰	۸۲۹۰	۸۳۰۰	۸۰۵۰	۸۱۰۰	۸۲۰۰	۱۲.۱	۳۸	۴۶	B	۸.۴	۱۲۵	
تکنیک تصمیم گیری در بورس
تحلیل تکنیکی بازار سرمایه در بورس ابزاری برای تصمیم گیری است. یکی از روش‌های تحلیل بنیادی و دیگری تحلیل تکنیکی است. تحلیلگران تکنیکی معتقدند قیمت سهام در نمودارها تکرار می‌شود و می‌توان از روی رفتار گذشته قیمت‌ها روند آینده را پیش بینی کرد. در این روش همه عوامل اقتصادی و سیاسی در قیمت لحاظ شده است و الگوهای قیمتی مبنای تصمیم گیری سرمایه گذار قرار می‌گیرد.
در این صفحه شاخص‌های تکنیکی سهام شرکت‌های پذیرفته شده در بورس ارائه می‌شود تا خوانندگان بتوانند با استفاده از اطلاعات و شاخص‌های محاسبه شده مانند میانگین متحرک، قدرت نسبی و حجم معاملات وضعیت هر سهم را بررسی و با توجه به روند بازار تصمیم مناسب اتخاذ کنند.
دنیای اقتصاد با هدف افزایش آگاهی سرمایه گذاران این جدول را به صورت منظم منتشر می‌کند. لازم به ذکر است این اطلاعات صرفا جنبه آموزشی دارد و مسئولیت تصمیم گیری برعهده خود سرمایه گذار است.
راهنمای جدول
در جدول فوق که مطابق با آخرین اطلاعات روز جهت تهیه شده است، اعداد نتایج علمی و مطابق با روش‌های تکنیکی است. EPS: سود هر سهم شرکت در یک سال مالی. PE: نسبت قیمت به سود هر سهم. RSI: شاخص قدرت نسبی که عددی بین صفر تا صد است و در صورتی که بالای ۷۰ باشد نشان دهنده اشباع خرید و زیر ۳۰ اشباع فروش است. AD Oscillator: شاخص انباشت و توزیع که ورود و خروج پول به سهم را نشان می‌دهد.
قیمت پایانی: آخرین قیمت سهم در روز معاملاتی. قیمت فعلی: قیمت آخرین معامله. تغییرات: اختلاف قیمت پایانی با روز قبل. 14MA و 30MA و 45MA: میانگین متحرک قیمت سهم در دوره‌های ۱۴، ۳۰ و ۴۵ روزه. MACD: میانگین متحرک همگرایی واگرایی که با خط سیگنال مقایسه می‌شود. Stochastic: شاخص تصادفی که موقعیت قیمت بسته شدن را نسبت به دامنه قیمت نشان می‌دهد.
توضیح ضروری
لازم به توضیح است که شاخص‌ها و اطلاعات ارائه شده صرفا جهت اطلاع سرمایه گذاران بوده و هیچگونه توصیه‌ای برای خرید یا فروش سهام تلقی نمی‌شود و مسئولیت هرگونه تصمیم به عهده خود سرمایه گذار است.
ON BALANCE VOLUME
شاخص OBV یا حجم تعادلی توسط Joe Granville معرفی شد. این شاخص حجم معاملات را با تغییرات قیمت مرتبط می‌کند. هر گاه قیمت پایانی بالاتر از روز قبل باشد حجم آن روز به OBV اضافه و در غیر این صورت کسر می‌شود.
افزایش OBV نشان دهنده ورود پول هوشمند به سهم است. اگر قیمت و OBV هم جهت حرکت کنند روند تایید می‌شود و اگر واگرایی وجود داشته باشد احتمال تغییر روند افزایش می‌یابد.
روندهای OBV به سه دسته صعودی، نزولی و نامعین تقسیم می‌شوند. تشخیص این روندها در کنار نمودار قیمت به تحلیلگر کمک می‌کند تا نقاط ورود و خروج مناسب را شناسایی کند.
شکل ۱
Up trend	Down trend Doubtful trend
شکل ۲
On Balance Volume
PEPSICO INC
Doubtful
Up
Down
Doubtful
Up
1992 Dec 1993 Feb	Mar Apr	May Jun	Jul	Aug Sep Oct
